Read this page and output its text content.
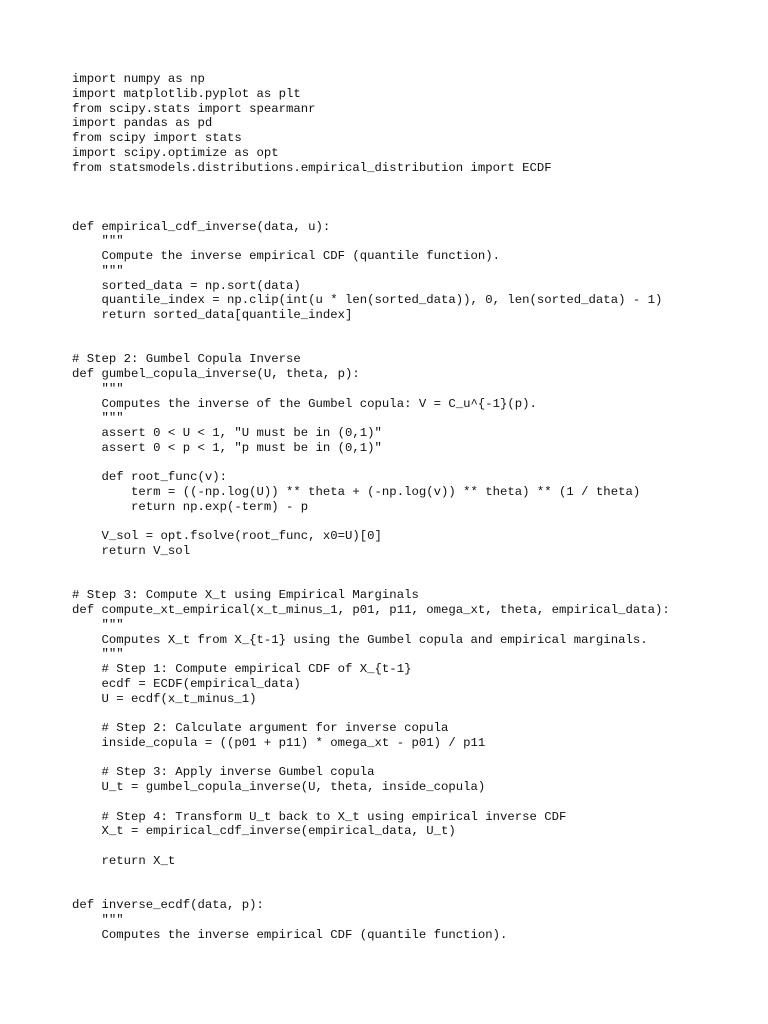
import numpy as np
import matplotlib.pyplot as plt
from scipy.stats import spearmanr
import pandas as pd
from scipy import stats
import scipy.optimize as opt
from statsmodels.distributions.empirical_distribution import ECDF

def empirical_cdf_inverse(data, u):
"""
Compute the inverse empirical CDF (quantile function).
"""
sorted_data = np.sort(data)
quantile_index = np.clip(int(u * len(sorted_data)), 0, len(sorted_data) - 1)
return sorted_data[quantile_index]

# Step 2: Gumbel Copula Inverse
def gumbel_copula_inverse(U, theta, p):
"""
Computes the inverse of the Gumbel copula: V = C_u^{-1}(p).
"""
assert 0 < U < 1, "U must be in (0,1)"
assert 0 < p < 1, "p must be in (0,1)"

def root_func(v):
term = ((-np.log(U)) ** theta + (-np.log(v)) ** theta) ** (1 / theta)
return np.exp(-term) - p

V_sol = opt.fsolve(root_func, x0=U)[0]
return V_sol

# Step 3: Compute X_t using Empirical Marginals
def compute_xt_empirical(x_t_minus_1, p01, p11, omega_xt, theta, empirical_data):
"""
Computes X_t from X_{t-1} using the Gumbel copula and empirical marginals.
"""
# Step 1: Compute empirical CDF of X_{t-1}
ecdf = ECDF(empirical_data)
U = ecdf(x_t_minus_1)

# Step 2: Calculate argument for inverse copula
inside_copula = ((p01 + p11) * omega_xt - p01) / p11

# Step 3: Apply inverse Gumbel copula
U_t = gumbel_copula_inverse(U, theta, inside_copula)

# Step 4: Transform U_t back to X_t using empirical inverse CDF
X_t = empirical_cdf_inverse(empirical_data, U_t)

return X_t

def inverse_ecdf(data, p):
"""
Computes the inverse empirical CDF (quantile function).
